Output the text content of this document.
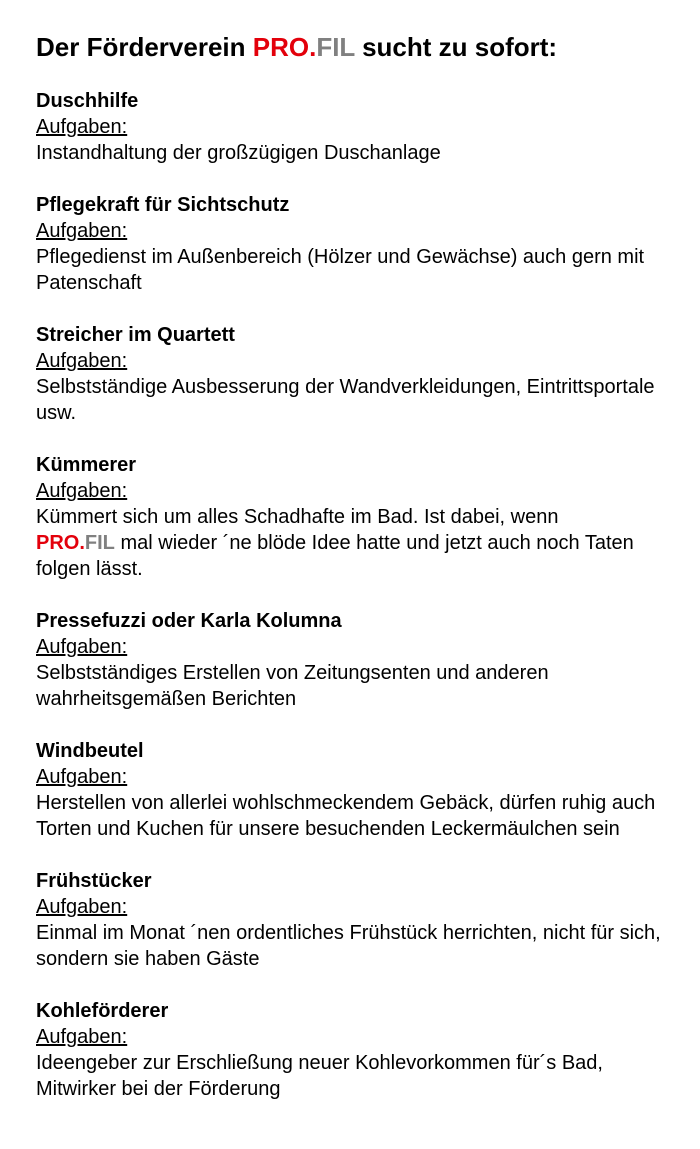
Der Förderverein PRO.FIL sucht zu sofort:
Duschhilfe
Aufgaben:
Instandhaltung der großzügigen Duschanlage
Pflegekraft für Sichtschutz
Aufgaben:
Pflegedienst im Außenbereich (Hölzer und Gewächse) auch gern mit Patenschaft
Streicher im Quartett
Aufgaben:
Selbstständige Ausbesserung der Wandverkleidungen, Eintrittsportale usw.
Kümmerer
Aufgaben:
Kümmert sich um alles Schadhafte im Bad. Ist dabei, wenn
PRO.FIL mal wieder ´ne blöde Idee hatte und jetzt auch noch Taten folgen lässt.
Pressefuzzi oder Karla Kolumna
Aufgaben:
Selbstständiges Erstellen von Zeitungsenten und anderen wahrheitsgemäßen Berichten
Windbeutel
Aufgaben:
Herstellen von allerlei wohlschmeckendem Gebäck, dürfen ruhig auch Torten und Kuchen für unsere besuchenden Leckermäulchen sein
Frühstücker
Aufgaben:
Einmal im Monat ´nen ordentliches Frühstück herrichten, nicht für sich, sondern sie haben Gäste
Kohleförderer
Aufgaben:
Ideengeber zur Erschließung neuer Kohlevorkommen für´s Bad, Mitwirker bei der Förderung
